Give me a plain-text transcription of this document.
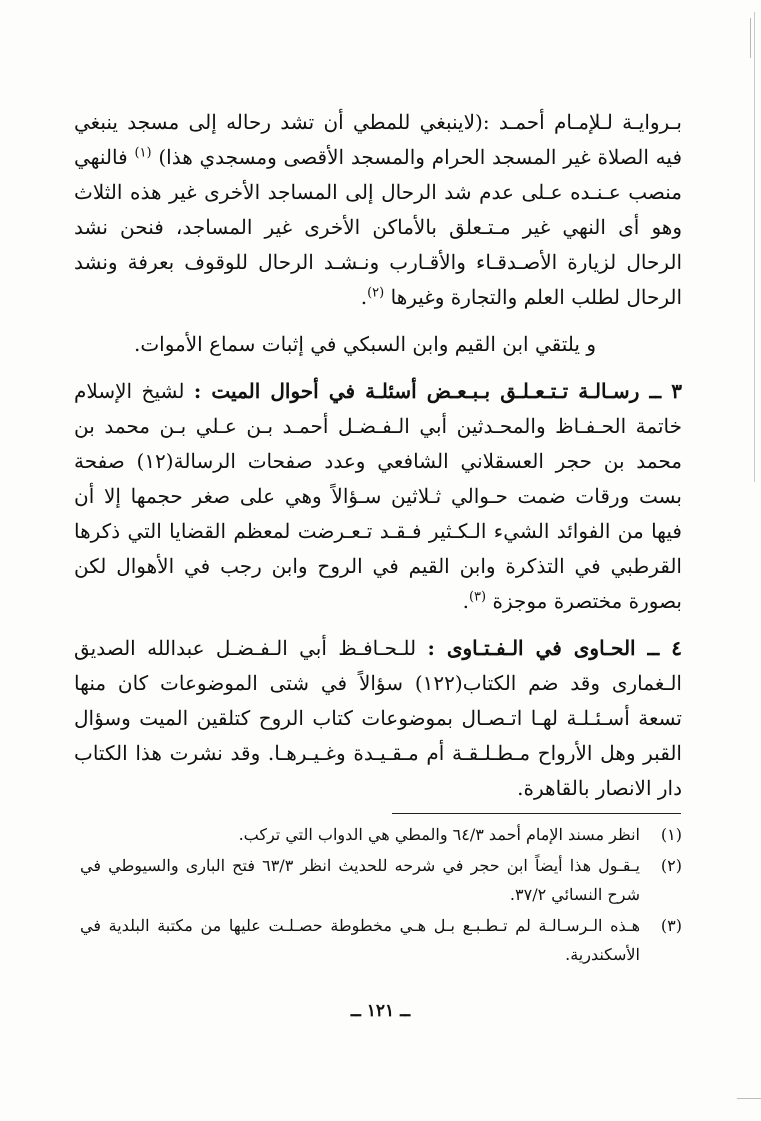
بـروايـة لـلإمـام أحمـد :(لاينبغي للمطي أن تشد رحاله إلى مسجد ينبغي فيه الصلاة غير المسجد الحرام والمسجد الأقصى ومسجدي هذا) $^{(١)}$ فالنهي منصب عـنـده عـلى عدم شد الرحال إلى المساجد الأخرى غير هذه الثلاث وهو أى النهي غير مـتـعلق بالأماكن الأخرى غير المساجد، فنحن نشد الرحال لزيارة الأصـدقـاء والأقـارب ونـشـد الرحال للوقوف بعرفة ونشد الرحال لطلب العلم والتجارة وغيرها $^{(٢)}$.

و يلتقي ابن القيم وابن السبكي في إثبات سماع الأموات.

٣ ــ رسـالـة تـتـعـلـق بـبـعـض أسئلـة في أحوال الميت : لشيخ الإسلام خاتمة الحـفـاظ والمحـدثين أبي الـفـضـل أحمـد بـن عـلي بـن محمد بن محمد بن حجر العسقلاني الشافعي وعدد صفحات الرسالة(١٢) صفحة بست ورقات ضمت حـوالي ثـلاثين سـؤالاً وهي على صغر حجمها إلا أن فيها من الفوائد الشيء الـكـثير فـقـد تـعـرضت لمعظم القضايا التي ذكرها القرطبي في التذكرة وابن القيم في الروح وابن رجب في الأهوال لكن بصورة مختصرة موجزة $^{(٣)}$.

٤ ــ الحـاوى في الـفـتـاوى : للـحـافـظ أبي الـفـضـل عبدالله الصديق الـغمارى وقد ضم الكتاب(١٢٢) سؤالاً في شتى الموضوعات كان منها تسعة أسـئـلـة لهـا اتـصـال بموضوعات كتاب الروح كتلقين الميت وسؤال القبر وهل الأرواح مـطـلـقـة أم مـقـيـدة وغـيـرهـا. وقد نشرت هذا الكتاب دار الانصار بالقاهرة.

(١)
انظر مسند الإمام أحمد ٦٤/٣ والمطي هي الدواب التي تركب.
(٢)
يـقـول هذا أيضاً ابن حجر في شرحه للحديث انظر ٦٣/٣ فتح البارى والسيوطي في شرح النسائي ٣٧/٢.
(٣)
هـذه الـرسـالـة لم تـطـبـع بـل هـي مخطوطة حصـلـت عليها من مكتبة البلدية في الأسكندرية.
ــ ١٢١ ــ
